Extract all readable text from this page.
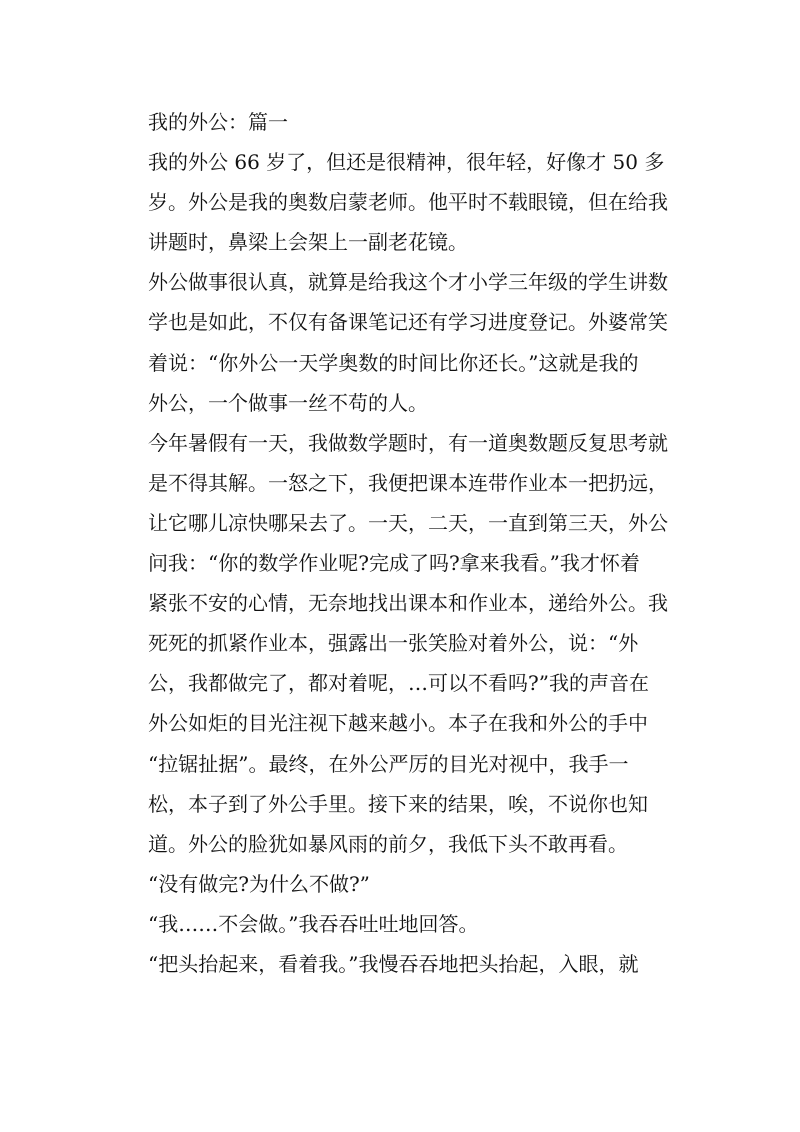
我的外公：篇一
我的外公 66 岁了，但还是很精神，很年轻，好像才 50 多
岁。外公是我的奥数启蒙老师。他平时不载眼镜，但在给我
讲题时，鼻梁上会架上一副老花镜。
外公做事很认真，就算是给我这个才小学三年级的学生讲数
学也是如此，不仅有备课笔记还有学习进度登记。外婆常笑
着说：“你外公一天学奥数的时间比你还长。”这就是我的
外公，一个做事一丝不苟的人。
今年暑假有一天，我做数学题时，有一道奥数题反复思考就
是不得其解。一怒之下，我便把课本连带作业本一把扔远，
让它哪儿凉快哪呆去了。一天，二天，一直到第三天，外公
问我：“你的数学作业呢?完成了吗?拿来我看。”我才怀着
紧张不安的心情，无奈地找出课本和作业本，递给外公。我
死死的抓紧作业本，强露出一张笑脸对着外公，说：“外
公，我都做完了，都对着呢，…可以不看吗?”我的声音在
外公如炬的目光注视下越来越小。本子在我和外公的手中
“拉锯扯据”。最终，在外公严厉的目光对视中，我手一
松，本子到了外公手里。接下来的结果，唉，不说你也知
道。外公的脸犹如暴风雨的前夕，我低下头不敢再看。
“没有做完?为什么不做?”
“我……不会做。”我吞吞吐吐地回答。
“把头抬起来，看着我。”我慢吞吞地把头抬起，入眼，就
